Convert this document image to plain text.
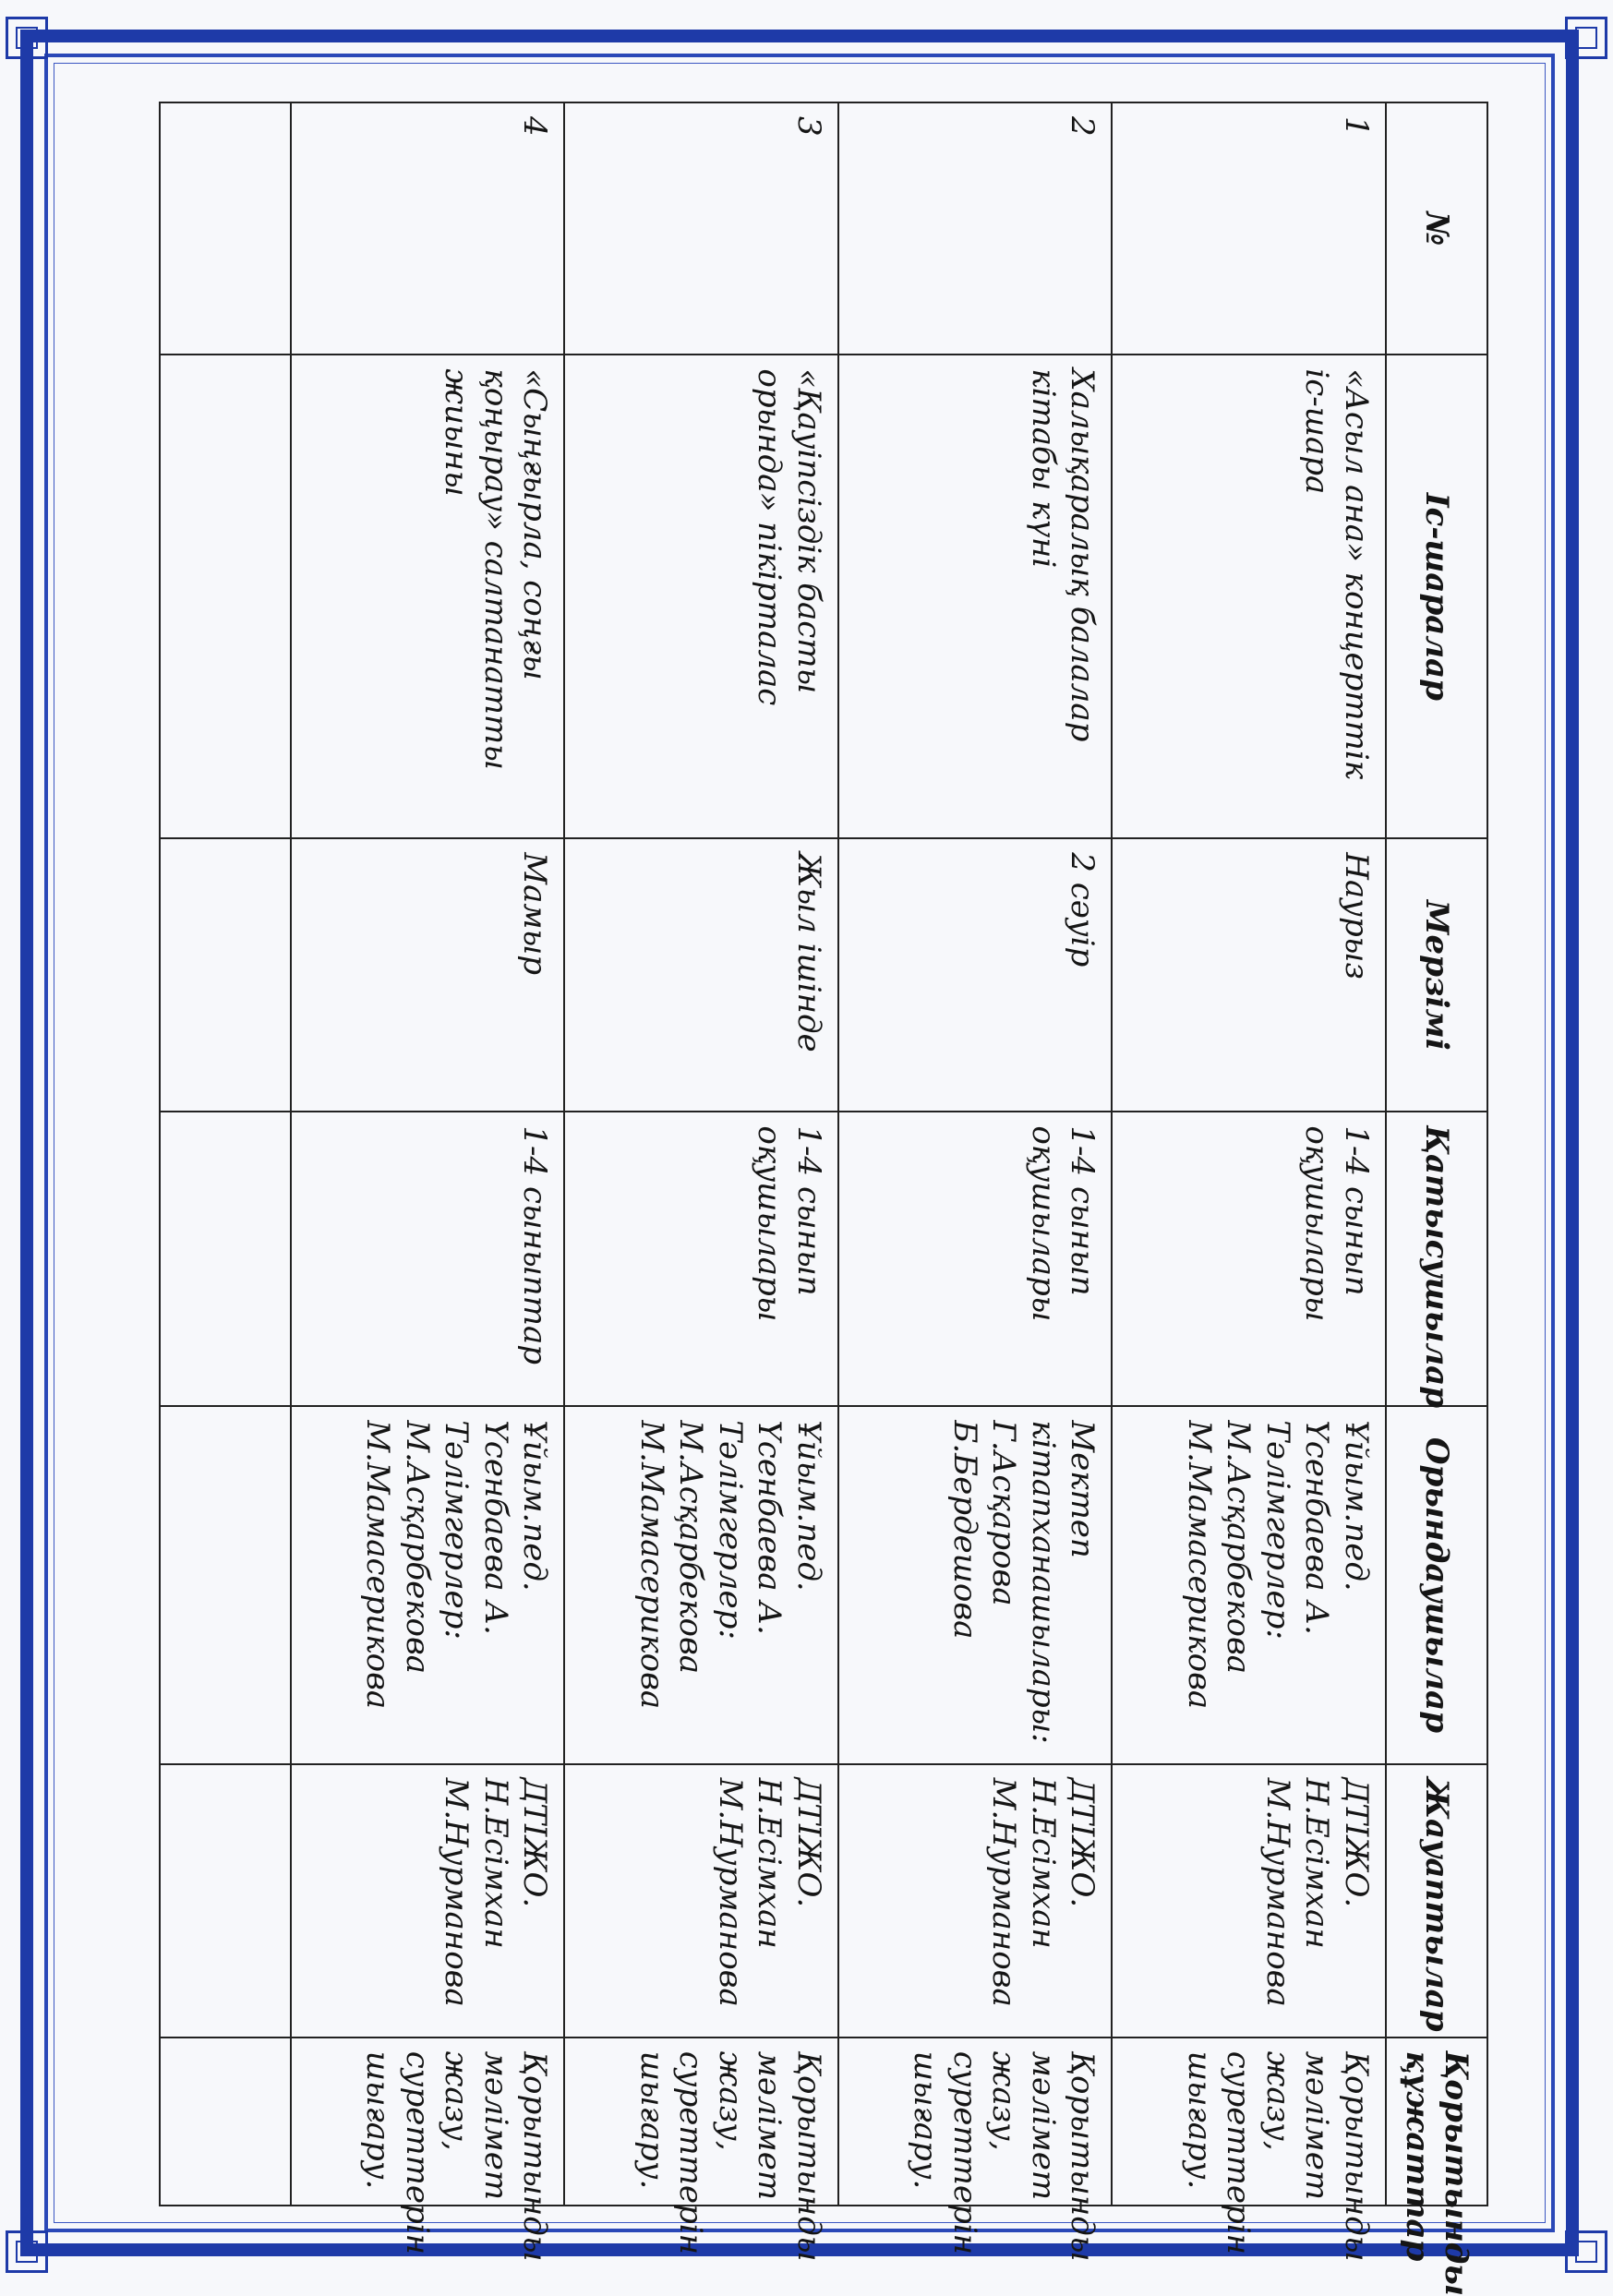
№	Іс-шаралар	Мерзімі	Қатысушылар	Орындаушылар	Жауаптылар	Қорытынды құжаттар
1	«Асыл ана» концерттік іс-шара	Наурыз	1-4 сынып оқушылары	Ұйым.пед.
Үсенбаева А.
Тәлімгерлер:
М.Асқарбекова
М.Мамасерикова	ДТІЖО.
Н.Есімхан
М.Нурманова	Қорытынды мәлімет жазу, суреттерін шығару.
2	Халықаралық балалар кітабы күні	2 сәуір	1-4 сынып оқушылары	Мектеп кітапханашылары:
Г.Асқарова
Б.Бердешова	ДТІЖО.
Н.Есімхан
М.Нурманова	Қорытынды мәлімет жазу, суреттерін шығару.
3	«Қауіпсіздік басты орында» пікірталас	Жыл ішінде	1-4 сынып оқушылары	Ұйым.пед.
Үсенбаева А.
Тәлімгерлер:
М.Асқарбекова
М.Мамасерикова	ДТІЖО.
Н.Есімхан
М.Нурманова	Қорытынды мәлімет жазу, суреттерін шығару.
4	«Сыңғырла, соңғы қоңырау» салтанатты жиыны	Мамыр	1-4 сыныптар	Ұйым.пед.
Үсенбаева А.
Тәлімгерлер:
М.Асқарбекова
М.Мамасерикова	ДТІЖО.
Н.Есімхан
М.Нурманова	Қорытынды мәлімет жазу, суреттерін шығару.
